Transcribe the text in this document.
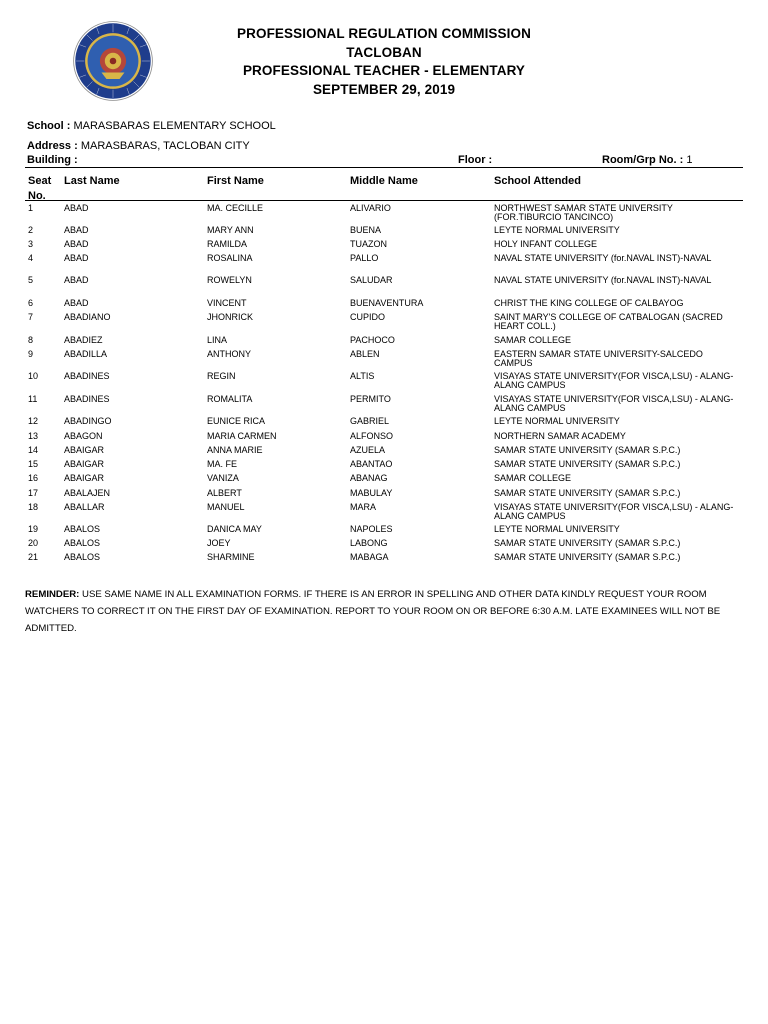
PROFESSIONAL REGULATION COMMISSION
TACLOBAN
PROFESSIONAL TEACHER - ELEMENTARY
SEPTEMBER 29, 2019
School : MARASBARAS ELEMENTARY SCHOOL
Address : MARASBARAS, TACLOBAN CITY
Building :	Floor :	Room/Grp No. : 1
Seat
No.
Last Name	First Name	Middle Name	School Attended
1	ABAD	MA. CECILLE	ALIVARIO	NORTHWEST SAMAR STATE UNIVERSITY (FOR.TIBURCIO TANCINCO)
2	ABAD	MARY ANN	BUENA	LEYTE NORMAL UNIVERSITY
3	ABAD	RAMILDA	TUAZON	HOLY INFANT COLLEGE
4	ABAD	ROSALINA	PALLO	NAVAL STATE UNIVERSITY (for.NAVAL INST)-NAVAL
5	ABAD	ROWELYN	SALUDAR	NAVAL STATE UNIVERSITY (for.NAVAL INST)-NAVAL
6	ABAD	VINCENT	BUENAVENTURA	CHRIST THE KING COLLEGE OF CALBAYOG
7	ABADIANO	JHONRICK	CUPIDO	SAINT MARY'S COLLEGE OF CATBALOGAN (SACRED HEART COLL.)
8	ABADIEZ	LINA	PACHOCO	SAMAR COLLEGE
9	ABADILLA	ANTHONY	ABLEN	EASTERN SAMAR STATE UNIVERSITY-SALCEDO CAMPUS
10	ABADINES	REGIN	ALTIS	VISAYAS STATE UNIVERSITY(FOR VISCA,LSU) - ALANG-ALANG CAMPUS
11	ABADINES	ROMALITA	PERMITO	VISAYAS STATE UNIVERSITY(FOR VISCA,LSU) - ALANG-ALANG CAMPUS
12	ABADINGO	EUNICE RICA	GABRIEL	LEYTE NORMAL UNIVERSITY
13	ABAGON	MARIA CARMEN	ALFONSO	NORTHERN SAMAR ACADEMY
14	ABAIGAR	ANNA MARIE	AZUELA	SAMAR STATE UNIVERSITY (SAMAR S.P.C.)
15	ABAIGAR	MA. FE	ABANTAO	SAMAR STATE UNIVERSITY (SAMAR S.P.C.)
16	ABAIGAR	VANIZA	ABANAG	SAMAR COLLEGE
17	ABALAJEN	ALBERT	MABULAY	SAMAR STATE UNIVERSITY (SAMAR S.P.C.)
18	ABALLAR	MANUEL	MARA	VISAYAS STATE UNIVERSITY(FOR VISCA,LSU) - ALANG-ALANG CAMPUS
19	ABALOS	DANICA MAY	NAPOLES	LEYTE NORMAL UNIVERSITY
20	ABALOS	JOEY	LABONG	SAMAR STATE UNIVERSITY (SAMAR S.P.C.)
21	ABALOS	SHARMINE	MABAGA	SAMAR STATE UNIVERSITY (SAMAR S.P.C.)
REMINDER: USE SAME NAME IN ALL EXAMINATION FORMS. IF THERE IS AN ERROR IN SPELLING AND OTHER DATA KINDLY REQUEST YOUR ROOM WATCHERS TO CORRECT IT ON THE FIRST DAY OF EXAMINATION. REPORT TO YOUR ROOM ON OR BEFORE 6:30 A.M. LATE EXAMINEES WILL NOT BE ADMITTED.
